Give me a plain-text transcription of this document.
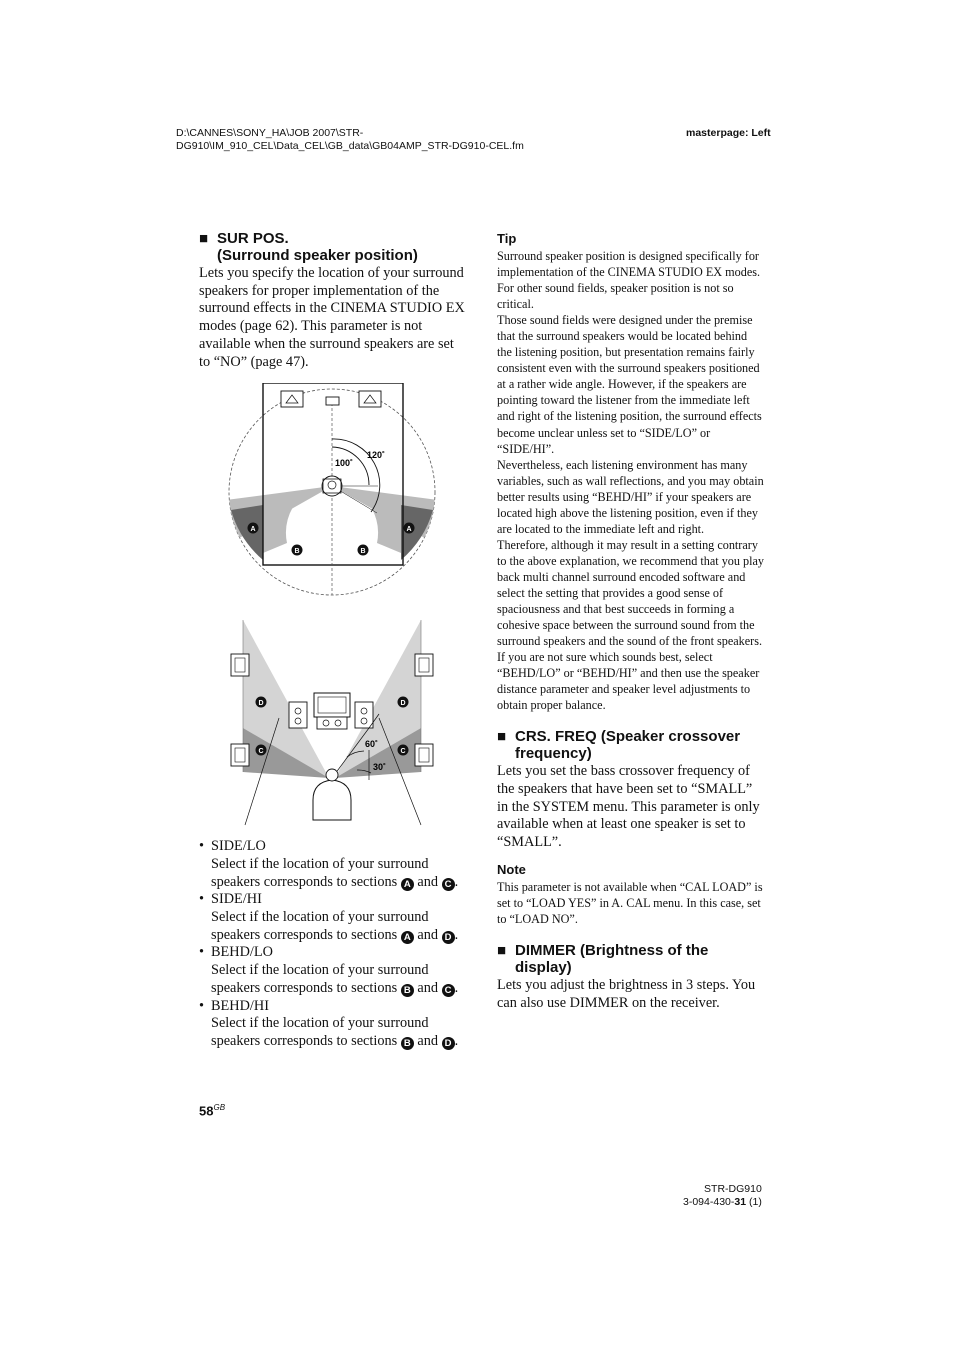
D:\CANNES\SONY_HA\JOB 2007\STR-
DG910\IM_910_CEL\Data_CEL\GB_data\GB04AMP_STR-DG910-CEL.fm
masterpage: Left
■ SUR POS.
(Surround speaker position)

Lets you specify the location of your surround speakers for proper implementation of the surround effects in the CINEMA STUDIO EX modes (page 62). This parameter is not available when the surround speakers are set to “NO” (page 47).

100˚
120˚
A	A
B	B
60˚
30˚
D	D
C	C
• SIDE/LO
Select if the location of your surround speakers corresponds to sections A and C .
• SIDE/HI
Select if the location of your surround speakers corresponds to sections A and D .
• BEHD/LO
Select if the location of your surround speakers corresponds to sections B and C .
• BEHD/HI
Select if the location of your surround speakers corresponds to sections B and D .

Tip

Surround speaker position is designed specifically for implementation of the CINEMA STUDIO EX modes. For other sound fields, speaker position is not so critical.

Those sound fields were designed under the premise that the surround speakers would be located behind the listening position, but presentation remains fairly consistent even with the surround speakers positioned at a rather wide angle. However, if the speakers are pointing toward the listener from the immediate left and right of the listening position, the surround effects become unclear unless set to “SIDE/LO” or “SIDE/HI”.

Nevertheless, each listening environment has many variables, such as wall reflections, and you may obtain better results using “BEHD/HI” if your speakers are located high above the listening position, even if they are located to the immediate left and right.

Therefore, although it may result in a setting contrary to the above explanation, we recommend that you play back multi channel surround encoded software and select the setting that provides a good sense of spaciousness and that best succeeds in forming a cohesive space between the surround sound from the surround speakers and the sound of the front speakers. If you are not sure which sounds best, select “BEHD/LO” or “BEHD/HI” and then use the speaker distance parameter and speaker level adjustments to obtain proper balance.

■ CRS. FREQ (Speaker crossover
frequency)

Lets you set the bass crossover frequency of the speakers that have been set to “SMALL” in the SYSTEM menu. This parameter is only available when at least one speaker is set to “SMALL”.

Note

This parameter is not available when “CAL LOAD” is set to “LOAD YES” in A. CAL menu. In this case, set to “LOAD NO”.

■ DIMMER (Brightness of the
display)

Lets you adjust the brightness in 3 steps. You can also use DIMMER on the receiver.

$58^{GB}$
STR-DG910
3-094-430-31 (1)
